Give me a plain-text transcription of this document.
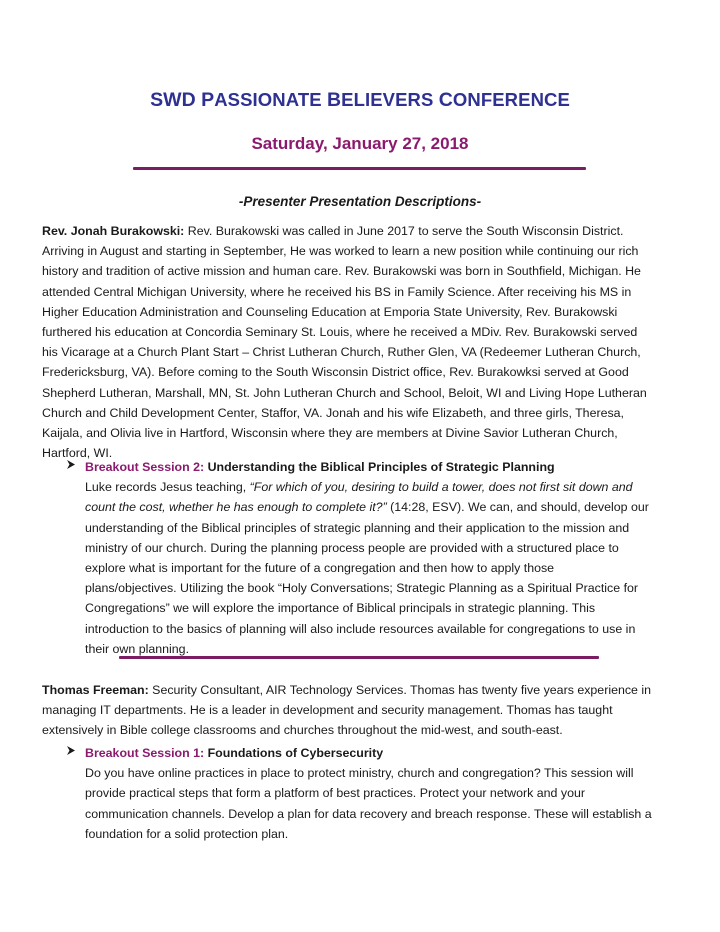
SWD PASSIONATE BELIEVERS CONFERENCE
Saturday, January 27, 2018
-Presenter Presentation Descriptions-
Rev. Jonah Burakowski: Rev. Burakowski was called in June 2017 to serve the South Wisconsin District.
Arriving in August and starting in September, He was worked to learn a new position while continuing our rich
history and tradition of active mission and human care. Rev. Burakowski was born in Southfield, Michigan. He
attended Central Michigan University, where he received his BS in Family Science. After receiving his MS in
Higher Education Administration and Counseling Education at Emporia State University, Rev. Burakowski
furthered his education at Concordia Seminary St. Louis, where he received a MDiv. Rev. Burakowski served
his Vicarage at a Church Plant Start – Christ Lutheran Church, Ruther Glen, VA (Redeemer Lutheran Church,
Fredericksburg, VA). Before coming to the South Wisconsin District office, Rev. Burakowksi served at Good
Shepherd Lutheran, Marshall, MN, St. John Lutheran Church and School, Beloit, WI and Living Hope Lutheran
Church and Child Development Center, Staffor, VA. Jonah and his wife Elizabeth, and three girls, Theresa,
Kaijala, and Olivia live in Hartford, Wisconsin where they are members at Divine Savior Lutheran Church,
Hartford, WI.
Breakout Session 2: Understanding the Biblical Principles of Strategic Planning
Luke records Jesus teaching, “For which of you, desiring to build a tower, does not first sit down and
count the cost, whether he has enough to complete it?” (14:28, ESV). We can, and should, develop our
understanding of the Biblical principles of strategic planning and their application to the mission and
ministry of our church. During the planning process people are provided with a structured place to
explore what is important for the future of a congregation and then how to apply those
plans/objectives. Utilizing the book “Holy Conversations; Strategic Planning as a Spiritual Practice for
Congregations” we will explore the importance of Biblical principals in strategic planning. This
introduction to the basics of planning will also include resources available for congregations to use in
their own planning.
Thomas Freeman: Security Consultant, AIR Technology Services. Thomas has twenty five years experience in
managing IT departments. He is a leader in development and security management. Thomas has taught
extensively in Bible college classrooms and churches throughout the mid-west, and south-east.
Breakout Session 1: Foundations of Cybersecurity
Do you have online practices in place to protect ministry, church and congregation? This session will
provide practical steps that form a platform of best practices. Protect your network and your
communication channels. Develop a plan for data recovery and breach response. These will establish a
foundation for a solid protection plan.
